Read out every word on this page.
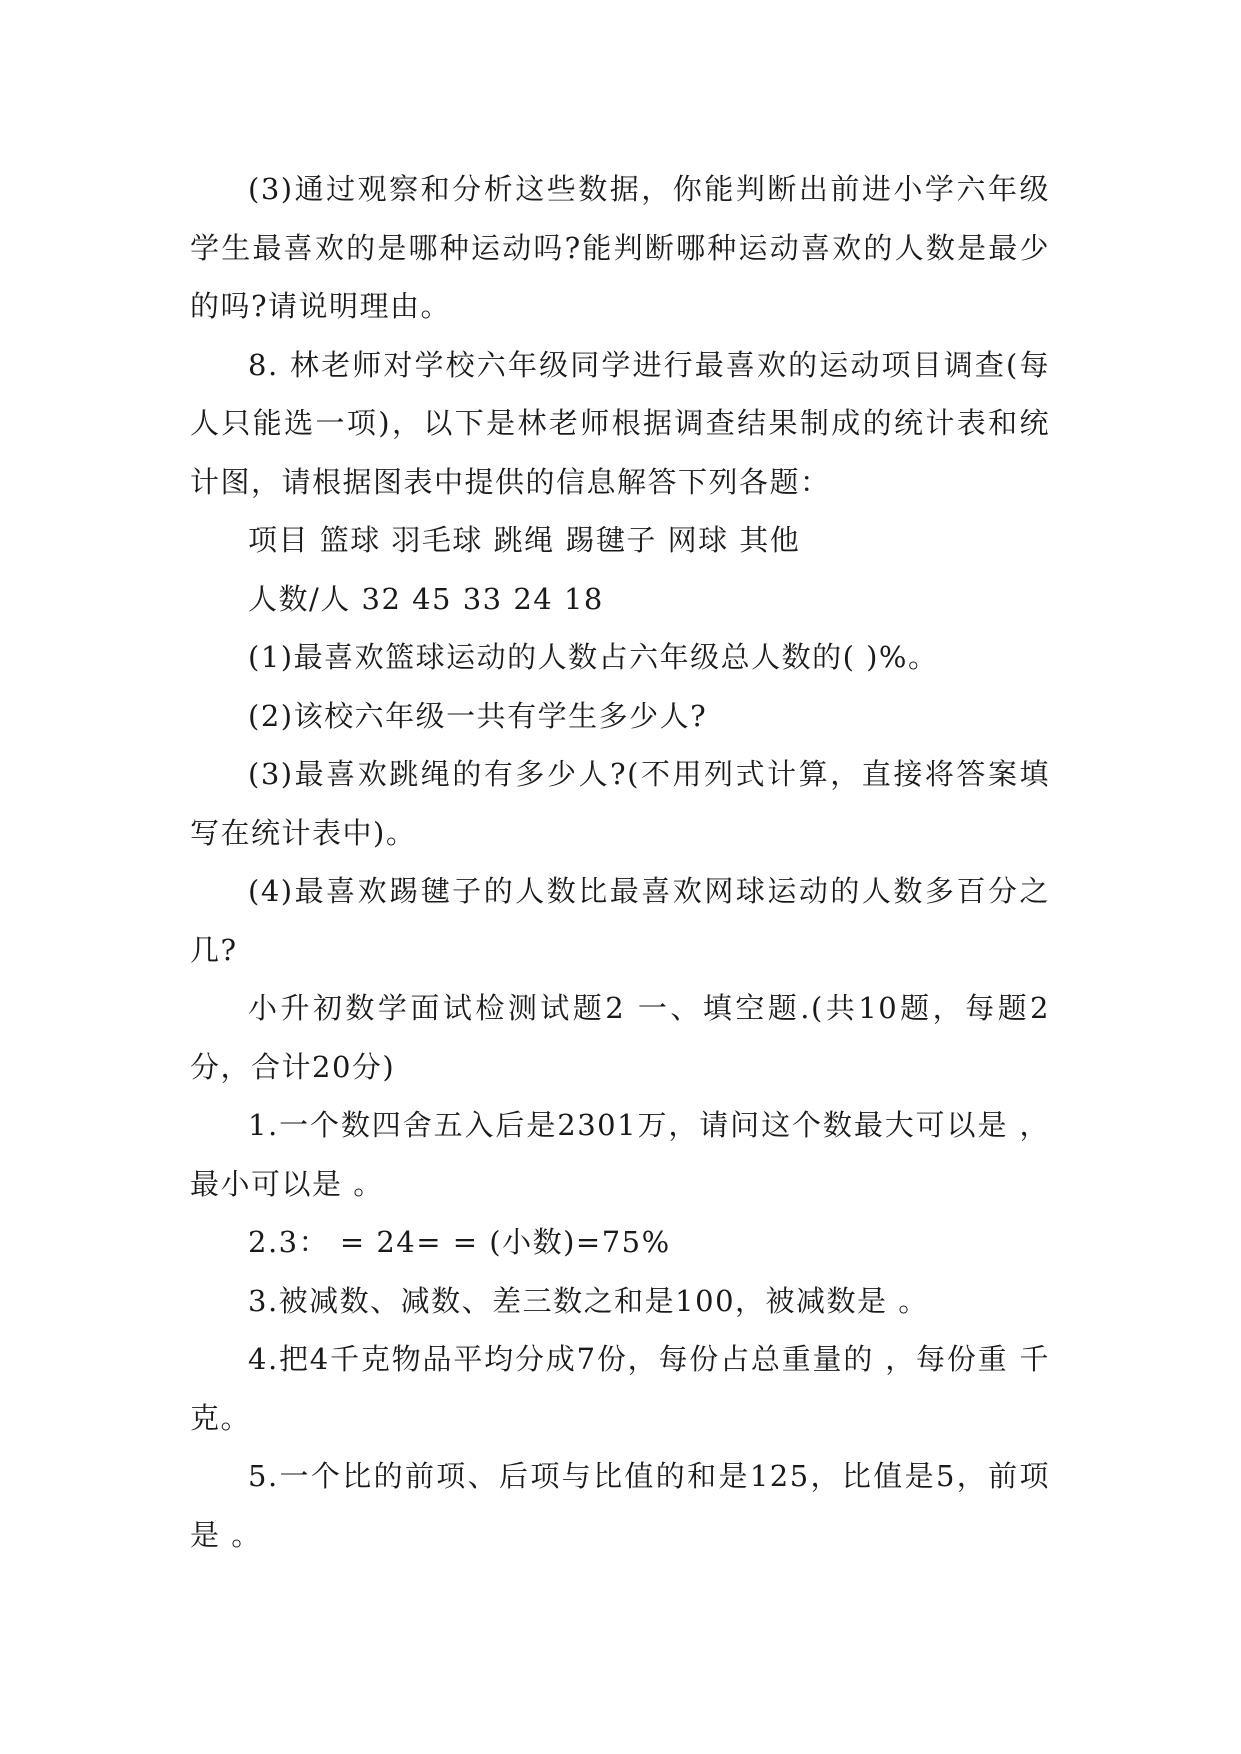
(3)通过观察和分析这些数据，你能判断出前进小学六年级学生最喜欢的是哪种运动吗?能判断哪种运动喜欢的人数是最少的吗?请说明理由。

8. 林老师对学校六年级同学进行最喜欢的运动项目调查(每人只能选一项)，以下是林老师根据调查结果制成的统计表和统计图，请根据图表中提供的信息解答下列各题：

项目 篮球 羽毛球 跳绳 踢毽子 网球 其他

人数/人 32 45 33 24 18

(1)最喜欢篮球运动的人数占六年级总人数的( )%。

(2)该校六年级一共有学生多少人?

(3)最喜欢跳绳的有多少人?(不用列式计算，直接将答案填写在统计表中)。

(4)最喜欢踢毽子的人数比最喜欢网球运动的人数多百分之几?

小升初数学面试检测试题2 一、填空题.(共10题，每题2分，合计20分)

1.一个数四舍五入后是2301万，请问这个数最大可以是 ，最小可以是 。

2.3： = 24= = (小数)=75%

3.被减数、减数、差三数之和是100，被减数是 。

4.把4千克物品平均分成7份，每份占总重量的 ，每份重 千克。

5.一个比的前项、后项与比值的和是125，比值是5，前项是 。
